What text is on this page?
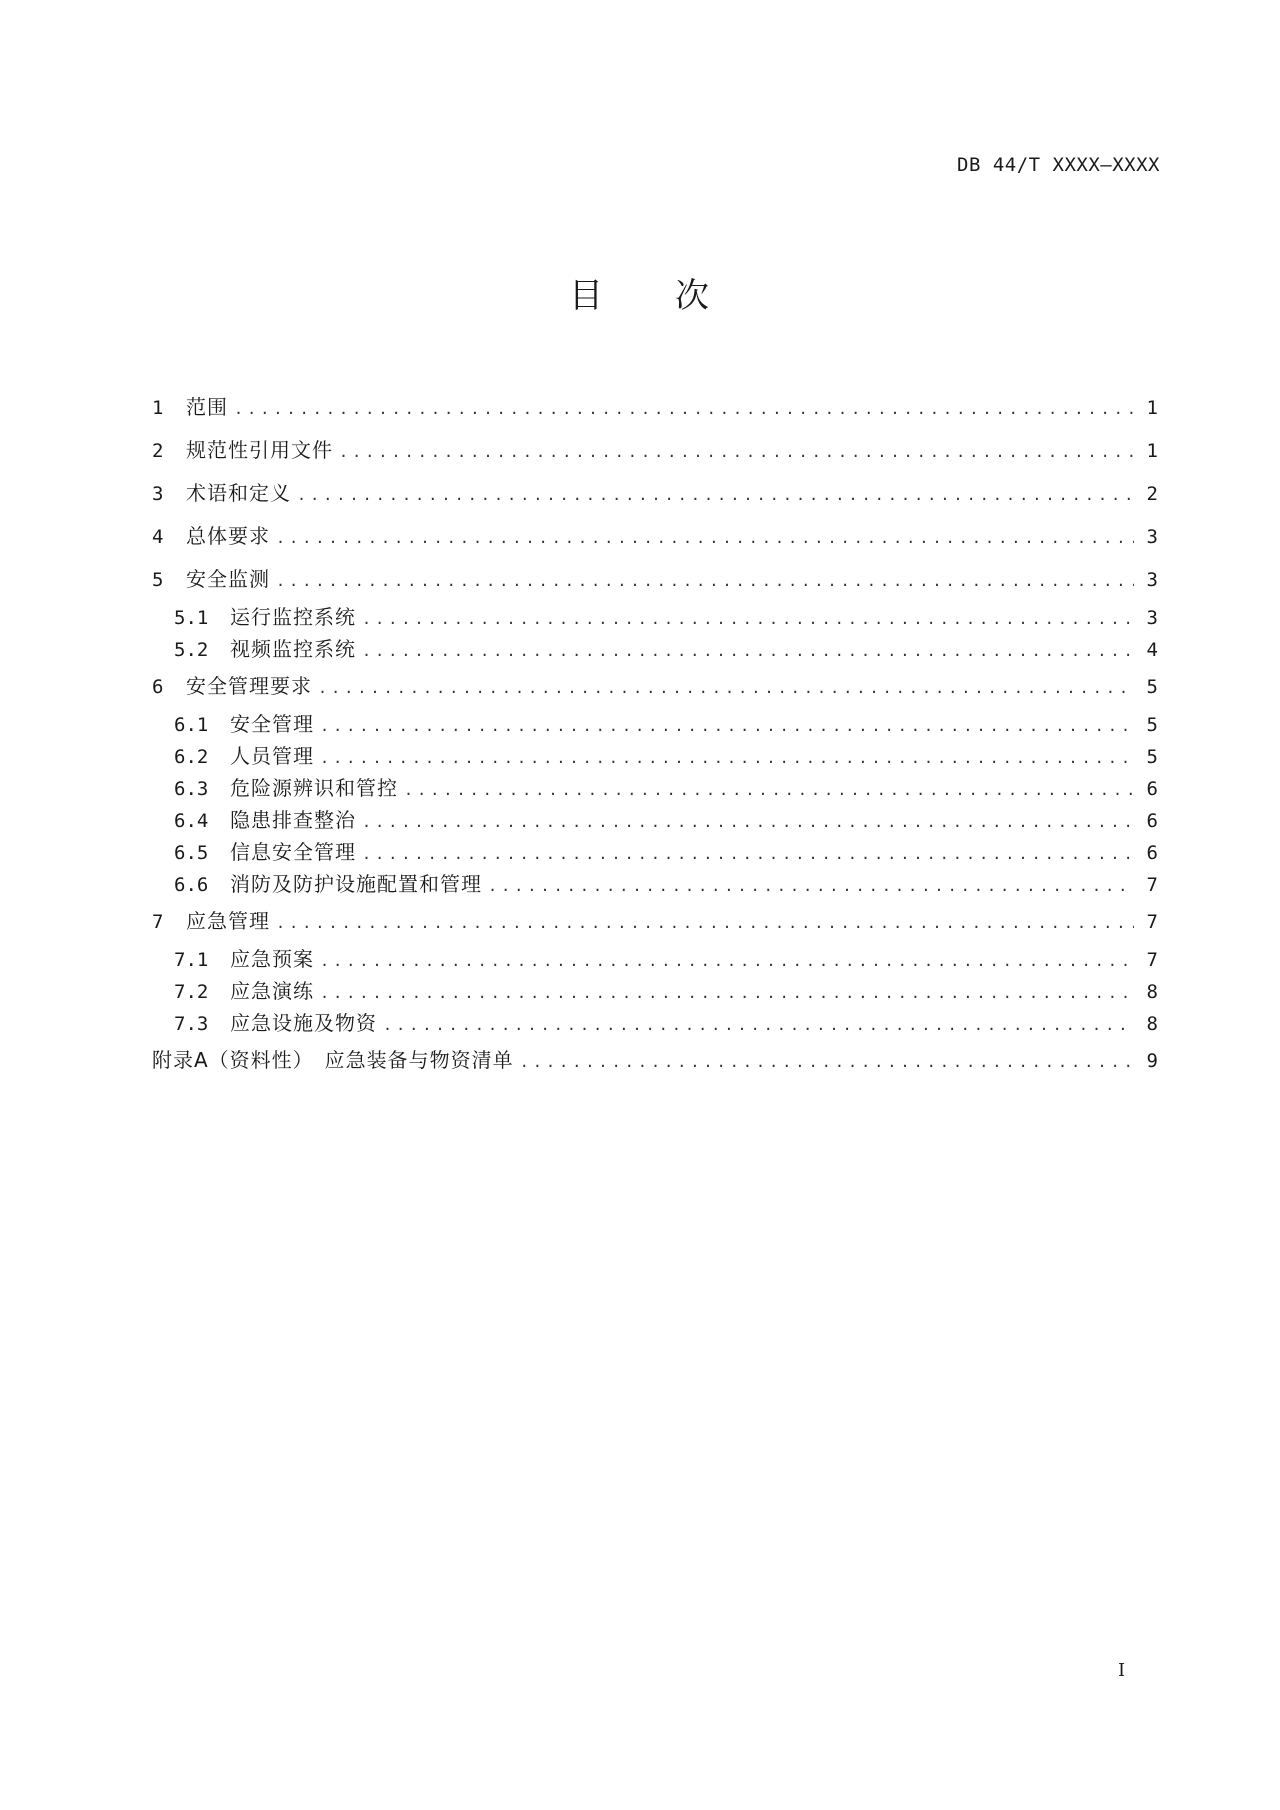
DB 44/T XXXX—XXXX
目 次
1	范围 .....	1
2	规范性引用文件 .....	1
3	术语和定义 .....	2
4	总体要求 .....	3
5	安全监测 .....	3
5.1	运行监控系统 .....	3
5.2	视频监控系统 .....	4
6	安全管理要求 .....	5
6.1	安全管理 .....	5
6.2	人员管理 .....	5
6.3	危险源辨识和管控 .....	6
6.4	隐患排查整治 .....	6
6.5	信息安全管理 .....	6
6.6	消防及防护设施配置和管理 .....	7
7	应急管理 .....	7
7.1	应急预案 .....	7
7.2	应急演练 .....	8
7.3	应急设施及物资 .....	8
附录A（资料性）　应急装备与物资清单 .....	9
I
